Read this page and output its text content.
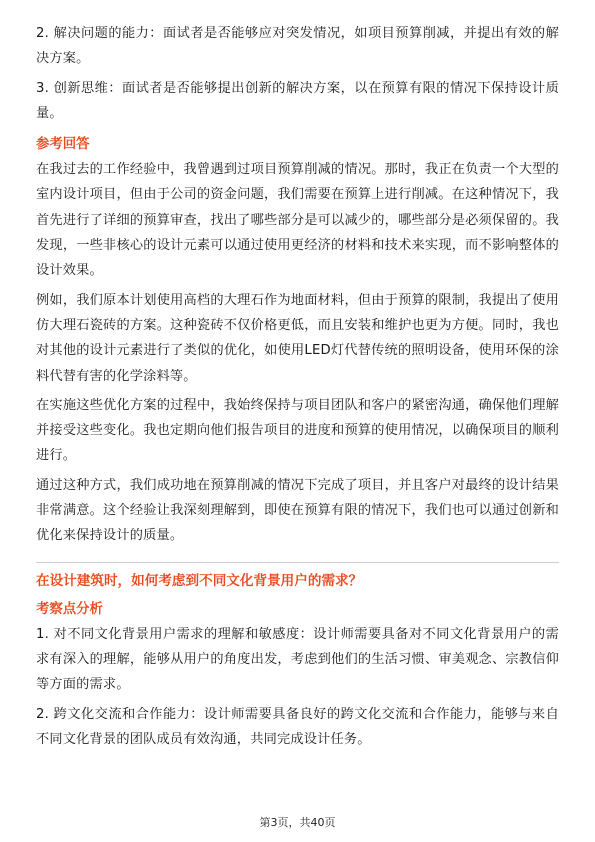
2. 解决问题的能力：面试者是否能够应对突发情况，如项目预算削减，并提出有效的解决方案。

3. 创新思维：面试者是否能够提出创新的解决方案，以在预算有限的情况下保持设计质量。

参考回答

在我过去的工作经验中，我曾遇到过项目预算削减的情况。那时，我正在负责一个大型的室内设计项目，但由于公司的资金问题，我们需要在预算上进行削减。在这种情况下，我首先进行了详细的预算审查，找出了哪些部分是可以减少的，哪些部分是必须保留的。我发现，一些非核心的设计元素可以通过使用更经济的材料和技术来实现，而不影响整体的设计效果。

例如，我们原本计划使用高档的大理石作为地面材料，但由于预算的限制，我提出了使用仿大理石瓷砖的方案。这种瓷砖不仅价格更低，而且安装和维护也更为方便。同时，我也对其他的设计元素进行了类似的优化，如使用LED灯代替传统的照明设备，使用环保的涂料代替有害的化学涂料等。

在实施这些优化方案的过程中，我始终保持与项目团队和客户的紧密沟通，确保他们理解并接受这些变化。我也定期向他们报告项目的进度和预算的使用情况，以确保项目的顺利进行。

通过这种方式，我们成功地在预算削减的情况下完成了项目，并且客户对最终的设计结果非常满意。这个经验让我深刻理解到，即使在预算有限的情况下，我们也可以通过创新和优化来保持设计的质量。

在设计建筑时，如何考虑到不同文化背景用户的需求？

考察点分析

1. 对不同文化背景用户需求的理解和敏感度：设计师需要具备对不同文化背景用户的需求有深入的理解，能够从用户的角度出发，考虑到他们的生活习惯、审美观念、宗教信仰等方面的需求。

2. 跨文化交流和合作能力：设计师需要具备良好的跨文化交流和合作能力，能够与来自不同文化背景的团队成员有效沟通，共同完成设计任务。

第3页，共40页
